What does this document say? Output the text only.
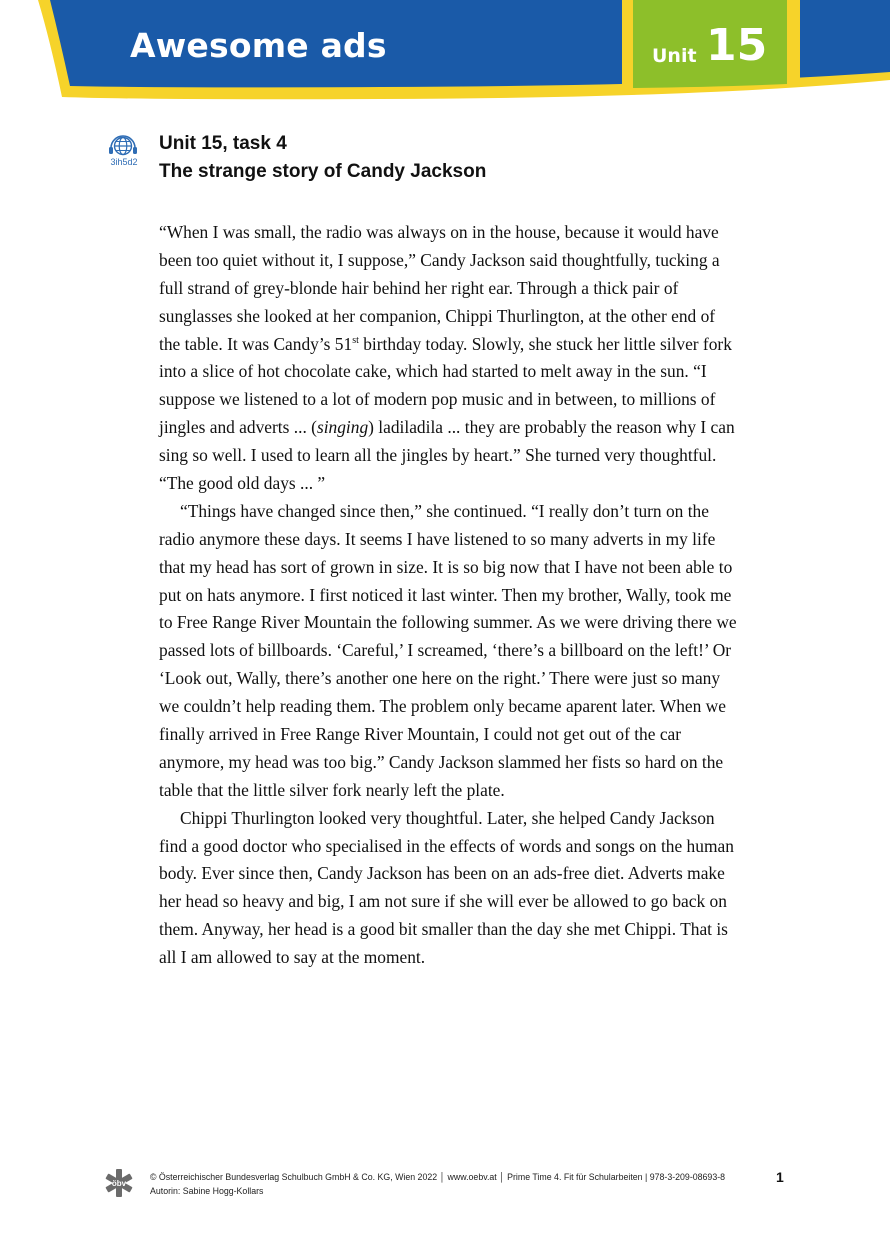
Awesome ads	Unit 15
3ih5d2
Unit 15, task 4
The strange story of Candy Jackson
“When I was small, the radio was always on in the house, because it would have
been too quiet without it, I suppose,” Candy Jackson said thoughtfully, tucking a
full strand of grey-blonde hair behind her right ear. Through a thick pair of
sunglasses she looked at her companion, Chippi Thurlington, at the other end of
the table. It was Candy’s 51st birthday today. Slowly, she stuck her little silver fork
into a slice of hot chocolate cake, which had started to melt away in the sun. “I
suppose we listened to a lot of modern pop music and in between, to millions of
jingles and adverts ... (singing) ladiladila ... they are probably the reason why I can
sing so well. I used to learn all the jingles by heart.” She turned very thoughtful.
“The good old days ... ”
“Things have changed since then,” she continued. “I really don’t turn on the
radio anymore these days. It seems I have listened to so many adverts in my life
that my head has sort of grown in size. It is so big now that I have not been able to
put on hats anymore. I first noticed it last winter. Then my brother, Wally, took me
to Free Range River Mountain the following summer. As we were driving there we
passed lots of billboards. ‘Careful,’ I screamed, ‘there’s a billboard on the left!’ Or
‘Look out, Wally, there’s another one here on the right.’ There were just so many
we couldn’t help reading them. The problem only became aparent later. When we
finally arrived in Free Range River Mountain, I could not get out of the car
anymore, my head was too big.” Candy Jackson slammed her fists so hard on the
table that the little silver fork nearly left the plate.
Chippi Thurlington looked very thoughtful. Later, she helped Candy Jackson
find a good doctor who specialised in the effects of words and songs on the human
body. Ever since then, Candy Jackson has been on an ads-free diet. Adverts make
her head so heavy and big, I am not sure if she will ever be allowed to go back on
them. Anyway, her head is a good bit smaller than the day she met Chippi. That is
all I am allowed to say at the moment.
öbv
© Österreichischer Bundesverlag Schulbuch GmbH & Co. KG, Wien 2022 │ www.oebv.at │ Prime Time 4. Fit für Schularbeiten | 978-3-209-08693-8
Autorin: Sabine Hogg-Kollars
1
